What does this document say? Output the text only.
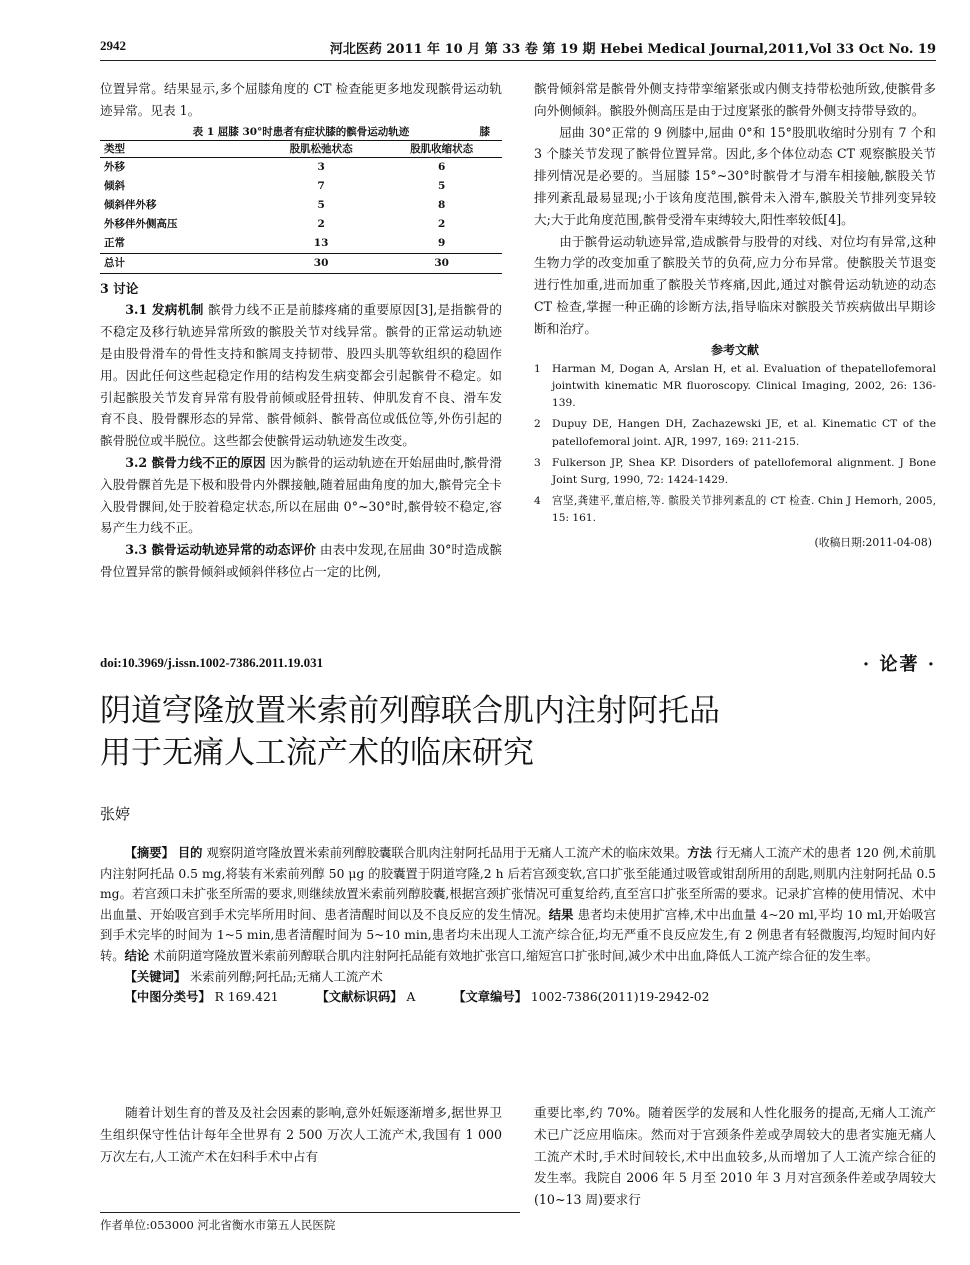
2942	河北医药 2011 年 10 月 第 33 卷 第 19 期 Hebei Medical Journal,2011,Vol 33 Oct No. 19

位置异常。结果显示,多个屈膝角度的 CT 检查能更多地发现髌骨运动轨迹异常。见表 1。

表 1 屈膝 30°时患者有症状膝的髌骨运动轨迹	膝
类型	股肌松弛状态	股肌收缩状态
外移	3	6
倾斜	7	5
倾斜伴外移	5	8
外移伴外侧高压	2	2
正常	13	9
总计	30	30

3 讨论

3.1 发病机制 髌骨力线不正是前膝疼痛的重要原因[3],是指髌骨的不稳定及移行轨迹异常所致的髌股关节对线异常。髌骨的正常运动轨迹是由股骨滑车的骨性支持和髌周支持韧带、股四头肌等软组织的稳固作用。因此任何这些起稳定作用的结构发生病变都会引起髌骨不稳定。如引起髌股关节发育异常有股骨前倾或胫骨扭转、伸肌发育不良、滑车发育不良、股骨髁形态的异常、髌骨倾斜、髌骨高位或低位等,外伤引起的髌骨脱位或半脱位。这些都会使髌骨运动轨迹发生改变。

3.2 髌骨力线不正的原因 因为髌骨的运动轨迹在开始屈曲时,髌骨滑入股骨髁首先是下极和股骨内外髁接触,随着屈曲角度的加大,髌骨完全卡入股骨髁间,处于胶着稳定状态,所以在屈曲 0°~30°时,髌骨较不稳定,容易产生力线不正。

3.3 髌骨运动轨迹异常的动态评价 由表中发现,在屈曲 30°时造成髌骨位置异常的髌骨倾斜或倾斜伴移位占一定的比例,

髌骨倾斜常是髌骨外侧支持带挛缩紧张或内侧支持带松弛所致,使髌骨多向外侧倾斜。髌股外侧高压是由于过度紧张的髌骨外侧支持带导致的。

屈曲 30°正常的 9 例膝中,屈曲 0°和 15°股肌收缩时分别有 7 个和 3 个膝关节发现了髌骨位置异常。因此,多个体位动态 CT 观察髌股关节排列情况是必要的。当屈膝 15°~30°时髌骨才与滑车相接触,髌股关节排列紊乱最易显现;小于该角度范围,髌骨未入滑车,髌股关节排列变异较大;大于此角度范围,髌骨受滑车束缚较大,阳性率较低[4]。

由于髌骨运动轨迹异常,造成髌骨与股骨的对线、对位均有异常,这种生物力学的改变加重了髌股关节的负荷,应力分布异常。使髌股关节退变进行性加重,进而加重了髌股关节疼痛,因此,通过对髌骨运动轨迹的动态 CT 检查,掌握一种正确的诊断方法,指导临床对髌股关节疾病做出早期诊断和治疗。

参考文献
1	Harman M, Dogan A, Arslan H, et al. Evaluation of thepatellofemoral jointwith kinematic MR fluoroscopy. Clinical Imaging, 2002, 26: 136-139.
2	Dupuy DE, Hangen DH, Zachazewski JE, et al. Kinematic CT of the patellofemoral joint. AJR, 1997, 169: 211-215.
3	Fulkerson JP, Shea KP. Disorders of patellofemoral alignment. J Bone Joint Surg, 1990, 72: 1424-1429.
4	宫坚,龚建平,董启榕,等. 髌股关节排列紊乱的 CT 检查. Chin J Hemorh, 2005, 15: 161.
(收稿日期:2011-04-08)
doi:10.3969/j.issn.1002-7386.2011.19.031	· 论著 ·
阴道穹隆放置米索前列醇联合肌内注射阿托品
用于无痛人工流产术的临床研究
张婷

【摘要】 目的 观察阴道穹隆放置米索前列醇胶囊联合肌肉注射阿托品用于无痛人工流产术的临床效果。方法 行无痛人工流产术的患者 120 例,术前肌内注射阿托品 0.5 mg,将装有米索前列醇 50 μg 的胶囊置于阴道穹隆,2 h 后若宫颈变软,宫口扩张至能通过吸管或钳刮所用的刮匙,则肌内注射阿托品 0.5 mg。若宫颈口未扩张至所需的要求,则继续放置米索前列醇胶囊,根据宫颈扩张情况可重复给药,直至宫口扩张至所需的要求。记录扩宫棒的使用情况、术中出血量、开始吸宫到手术完毕所用时间、患者清醒时间以及不良反应的发生情况。结果 患者均未使用扩宫棒,术中出血量 4~20 ml,平均 10 ml,开始吸宫到手术完毕的时间为 1~5 min,患者清醒时间为 5~10 min,患者均未出现人工流产综合征,均无严重不良反应发生,有 2 例患者有轻微腹泻,均短时间内好转。结论 术前阴道穹隆放置米索前列醇联合肌内注射阿托品能有效地扩张宫口,缩短宫口扩张时间,减少术中出血,降低人工流产综合征的发生率。

【关键词】 米索前列醇;阿托品;无痛人工流产术

【中图分类号】 R 169.421	【文献标识码】 A	【文章编号】 1002-7386(2011)19-2942-02

随着计划生育的普及及社会因素的影响,意外妊娠逐渐增多,据世界卫生组织保守性估计每年全世界有 2 500 万次人工流产术,我国有 1 000 万次左右,人工流产术在妇科手术中占有
重要比率,约 70%。随着医学的发展和人性化服务的提高,无痛人工流产术已广泛应用临床。然而对于宫颈条件差或孕周较大的患者实施无痛人工流产术时,手术时间较长,术中出血较多,从而增加了人工流产综合征的发生率。我院自 2006 年 5 月至 2010 年 3 月对宫颈条件差或孕周较大(10~13 周)要求行
作者单位:053000 河北省衡水市第五人民医院
